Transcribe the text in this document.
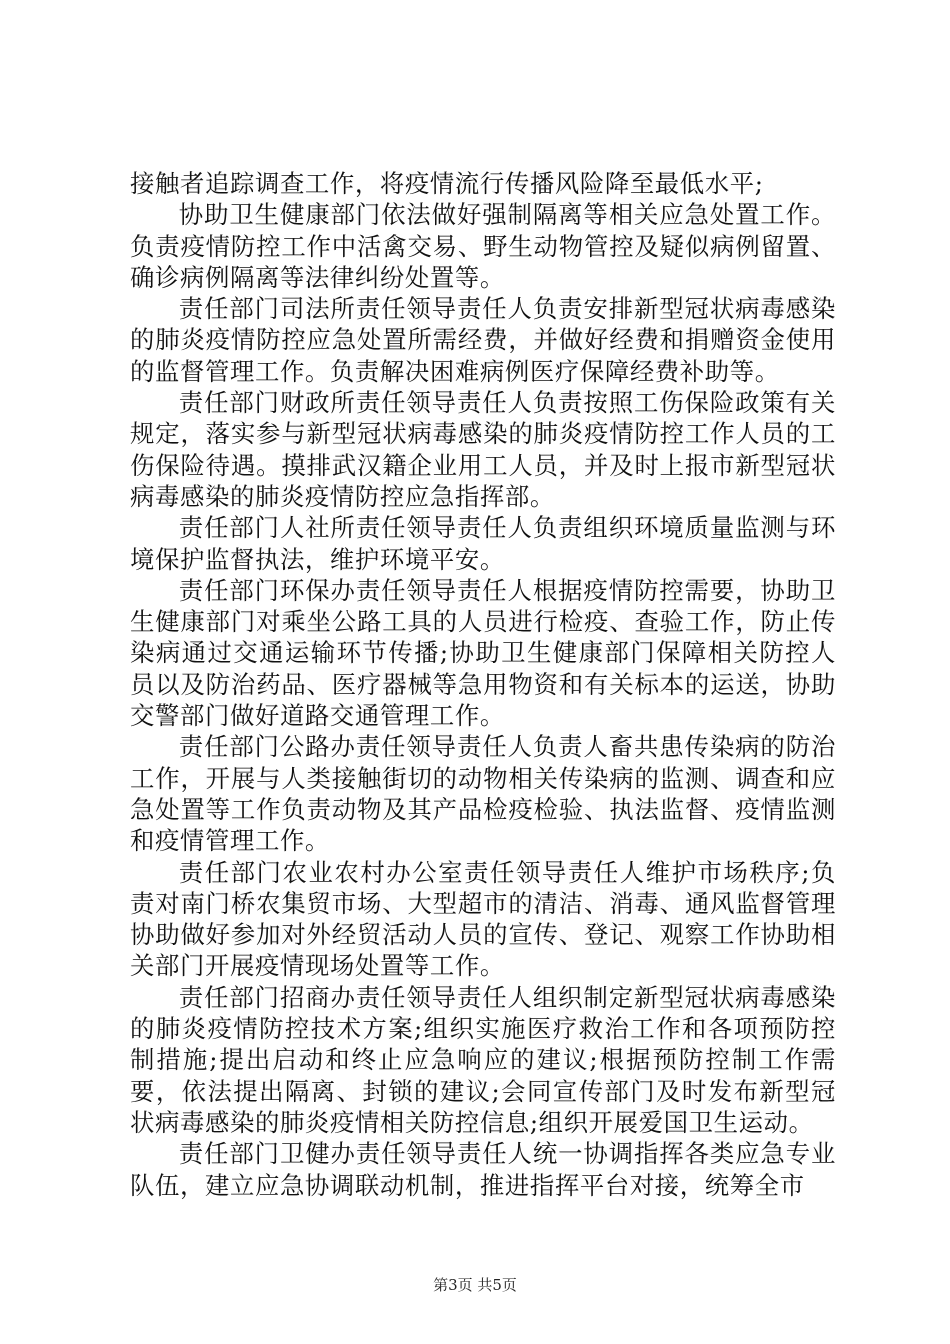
接触者追踪调查工作，将疫情流行传播风险降至最低水平;

协助卫生健康部门依法做好强制隔离等相关应急处置工作。负责疫情防控工作中活禽交易、野生动物管控及疑似病例留置、确诊病例隔离等法律纠纷处置等。

责任部门司法所责任领导责任人负责安排新型冠状病毒感染的肺炎疫情防控应急处置所需经费，并做好经费和捐赠资金使用的监督管理工作。负责解决困难病例医疗保障经费补助等。

责任部门财政所责任领导责任人负责按照工伤保险政策有关规定，落实参与新型冠状病毒感染的肺炎疫情防控工作人员的工伤保险待遇。摸排武汉籍企业用工人员，并及时上报市新型冠状病毒感染的肺炎疫情防控应急指挥部。

责任部门人社所责任领导责任人负责组织环境质量监测与环境保护监督执法，维护环境平安。

责任部门环保办责任领导责任人根据疫情防控需要，协助卫生健康部门对乘坐公路工具的人员进行检疫、查验工作，防止传染病通过交通运输环节传播;协助卫生健康部门保障相关防控人员以及防治药品、医疗器械等急用物资和有关标本的运送，协助交警部门做好道路交通管理工作。

责任部门公路办责任领导责任人负责人畜共患传染病的防治工作，开展与人类接触街切的动物相关传染病的监测、调查和应急处置等工作负责动物及其产品检疫检验、执法监督、疫情监测和疫情管理工作。

责任部门农业农村办公室责任领导责任人维护市场秩序;负责对南门桥农集贸市场、大型超市的清洁、消毒、通风监督管理协助做好参加对外经贸活动人员的宣传、登记、观察工作协助相关部门开展疫情现场处置等工作。

责任部门招商办责任领导责任人组织制定新型冠状病毒感染的肺炎疫情防控技术方案;组织实施医疗救治工作和各项预防控制措施;提出启动和终止应急响应的建议;根据预防控制工作需要，依法提出隔离、封锁的建议;会同宣传部门及时发布新型冠状病毒感染的肺炎疫情相关防控信息;组织开展爱国卫生运动。

责任部门卫健办责任领导责任人统一协调指挥各类应急专业队伍，建立应急协调联动机制，推进指挥平台对接，统筹全市

第3页 共5页
